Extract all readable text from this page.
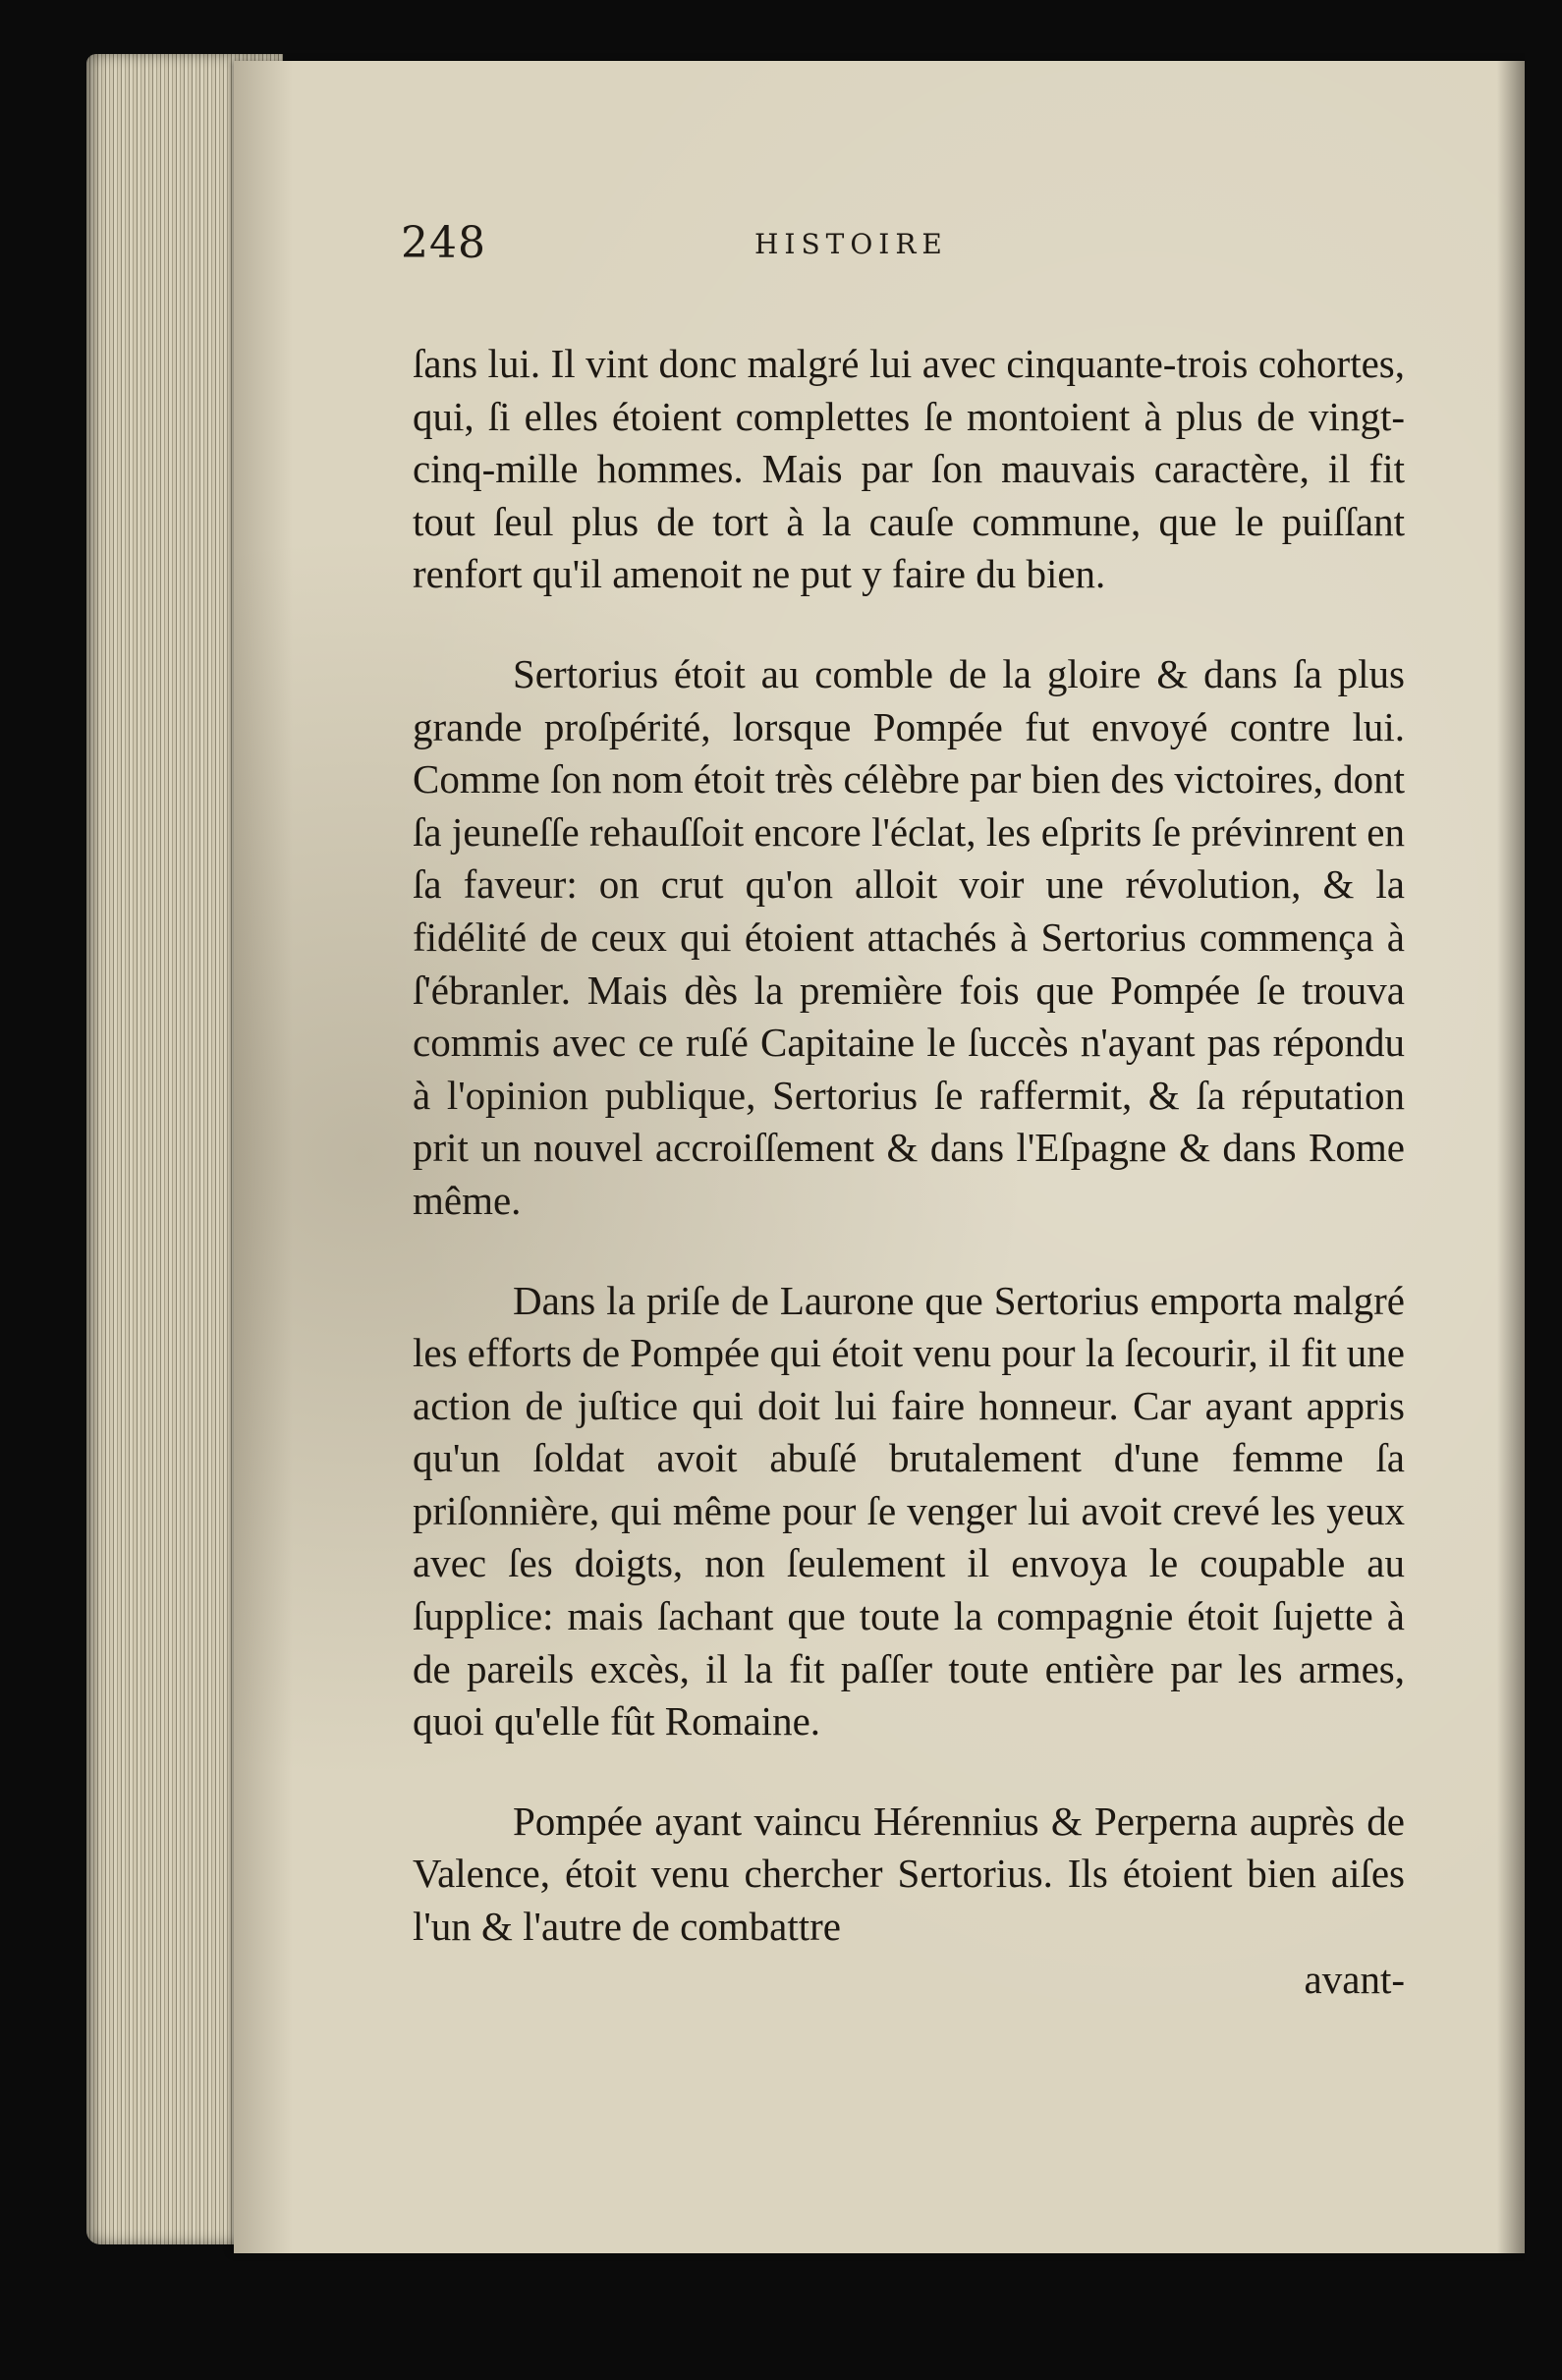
248	HISTOIRE

ſans lui. Il vint donc malgré lui avec cinquante-trois cohortes, qui, ſi elles étoient complettes ſe montoient à plus de vingt-cinq-mille hommes. Mais par ſon mauvais caractère, il fit tout ſeul plus de tort à la cauſe commune, que le puiſſant renfort qu'il amenoit ne put y faire du bien.

Sertorius étoit au comble de la gloire & dans ſa plus grande proſpérité, lorsque Pompée fut envoyé contre lui. Comme ſon nom étoit très célèbre par bien des victoires, dont ſa jeuneſſe rehauſſoit encore l'éclat, les eſprits ſe prévinrent en ſa faveur: on crut qu'on alloit voir une révolution, & la fidélité de ceux qui étoient attachés à Sertorius commença à ſ'ébranler. Mais dès la première fois que Pompée ſe trouva commis avec ce ruſé Capitaine le ſuccès n'ayant pas répondu à l'opinion publique, Sertorius ſe raffermit, & ſa réputation prit un nouvel accroiſſement & dans l'Eſpagne & dans Rome même.

Dans la priſe de Laurone que Sertorius emporta malgré les efforts de Pompée qui étoit venu pour la ſecourir, il fit une action de juſtice qui doit lui faire honneur. Car ayant appris qu'un ſoldat avoit abuſé brutalement d'une femme ſa priſonnière, qui même pour ſe venger lui avoit crevé les yeux avec ſes doigts, non ſeulement il envoya le coupable au ſupplice: mais ſachant que toute la compagnie étoit ſujette à de pareils excès, il la fit paſſer toute entière par les armes, quoi qu'elle fût Romaine.

Pompée ayant vaincu Hérennius & Perperna auprès de Valence, étoit venu chercher Sertorius. Ils étoient bien aiſes l'un & l'autre de combattre

avant-
